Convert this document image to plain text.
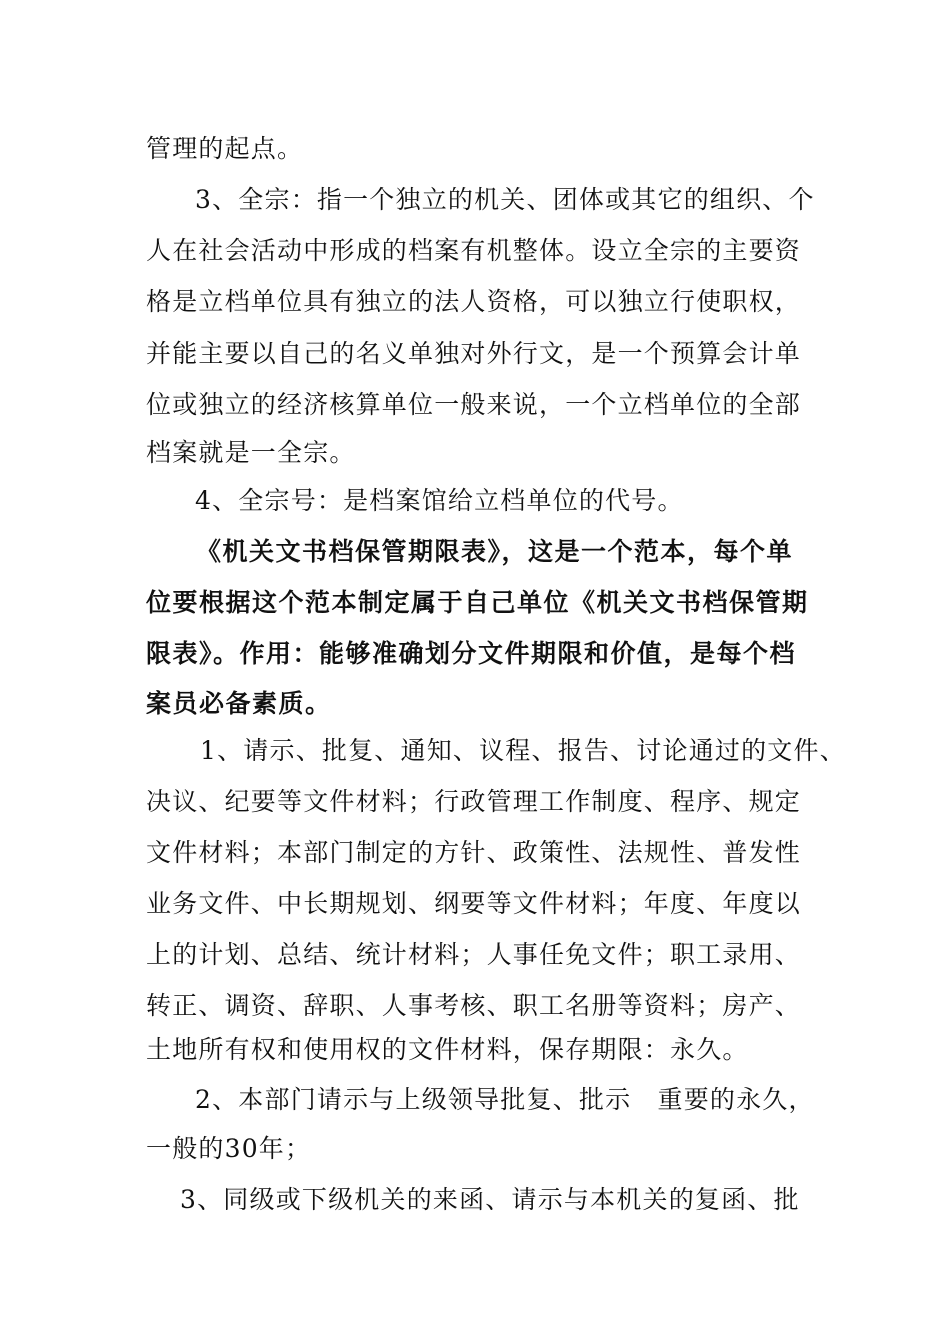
管理的起点。
3、全宗：指一个独立的机关、团体或其它的组织、个
人在社会活动中形成的档案有机整体。设立全宗的主要资
格是立档单位具有独立的法人资格，可以独立行使职权，
并能主要以自己的名义单独对外行文，是一个预算会计单
位或独立的经济核算单位一般来说，一个立档单位的全部
档案就是一全宗。
4、全宗号：是档案馆给立档单位的代号。
《机关文书档保管期限表》，这是一个范本，每个单
位要根据这个范本制定属于自己单位《机关文书档保管期
限表》。作用：能够准确划分文件期限和价值，是每个档
案员必备素质。
1、请示、批复、通知、议程、报告、讨论通过的文件、
决议、纪要等文件材料；行政管理工作制度、程序、规定
文件材料；本部门制定的方针、政策性、法规性、普发性
业务文件、中长期规划、纲要等文件材料；年度、年度以
上的计划、总结、统计材料；人事任免文件；职工录用、
转正、调资、辞职、人事考核、职工名册等资料；房产、
土地所有权和使用权的文件材料，保存期限：永久。
2、本部门请示与上级领导批复、批示　重要的永久，
一般的30年；
3、同级或下级机关的来函、请示与本机关的复函、批
